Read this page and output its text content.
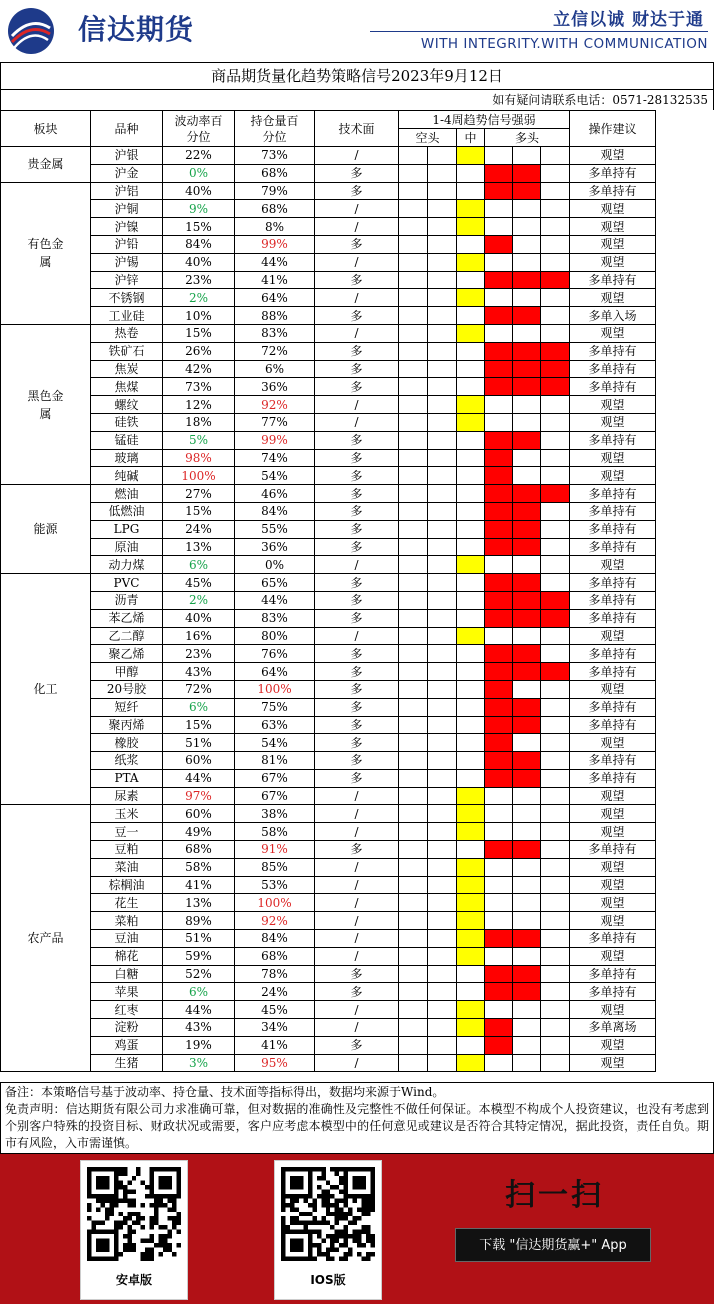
信达期货	立信以诚 财达于通
WITH INTEGRITY.WITH COMMUNICATION
商品期货量化趋势策略信号2023年9月12日
如有疑问请联系电话：0571-28132535
板块	品种	波动率百分位	持仓量百分位	技术面	1-4周趋势信号强弱						操作建议
					空头		中	多头			
贵金属	沪银	22%	73%	/							观望
	沪金	0%	68%	多							多单持有
有色金属	沪铝	40%	79%	多							多单持有
	沪铜	9%	68%	/							观望
	沪镍	15%	8%	/							观望
	沪铅	84%	99%	多							观望
	沪锡	40%	44%	/							观望
	沪锌	23%	41%	多							多单持有
	不锈钢	2%	64%	/							观望
	工业硅	10%	88%	多							多单入场
黑色金属	热卷	15%	83%	/							观望
	铁矿石	26%	72%	多							多单持有
	焦炭	42%	6%	多							多单持有
	焦煤	73%	36%	多							多单持有
	螺纹	12%	92%	/							观望
	硅铁	18%	77%	/							观望
	锰硅	5%	99%	多							多单持有
	玻璃	98%	74%	多							观望
	纯碱	100%	54%	多							观望
能源	燃油	27%	46%	多							多单持有
	低燃油	15%	84%	多							多单持有
	LPG	24%	55%	多							多单持有
	原油	13%	36%	多							多单持有
	动力煤	6%	0%	/							观望
化工	PVC	45%	65%	多							多单持有
	沥青	2%	44%	多							多单持有
	苯乙烯	40%	83%	多							多单持有
	乙二醇	16%	80%	/							观望
	聚乙烯	23%	76%	多							多单持有
	甲醇	43%	64%	多							多单持有
	20号胶	72%	100%	多							观望
	短纤	6%	75%	多							多单持有
	聚丙烯	15%	63%	多							多单持有
	橡胶	51%	54%	多							观望
	纸浆	60%	81%	多							多单持有
	PTA	44%	67%	多							多单持有
	尿素	97%	67%	/							观望
农产品	玉米	60%	38%	/							观望
	豆一	49%	58%	/							观望
	豆粕	68%	91%	多							多单持有
	菜油	58%	85%	/							观望
	棕榈油	41%	53%	/							观望
	花生	13%	100%	/							观望
	菜粕	89%	92%	/							观望
	豆油	51%	84%	/							多单持有
	棉花	59%	68%	/							观望
	白糖	52%	78%	多							多单持有
	苹果	6%	24%	多							多单持有
	红枣	44%	45%	/							观望
	淀粉	43%	34%	/							多单离场
	鸡蛋	19%	41%	多							观望
	生猪	3%	95%	/							观望
备注：本策略信号基于波动率、持仓量、技术面等指标得出，数据均来源于Wind。
免责声明：信达期货有限公司力求准确可靠，但对数据的准确性及完整性不做任何保证。本模型不构成个人投资建议，也没有考虑到个别客户特殊的投资目标、财政状况或需要，客户应考虑本模型中的任何意见或建议是否符合其特定情况，据此投资，责任自负。期市有风险，入市需谨慎。
安卓版	IOS版
扫一扫
下载 "信达期货赢+" App
